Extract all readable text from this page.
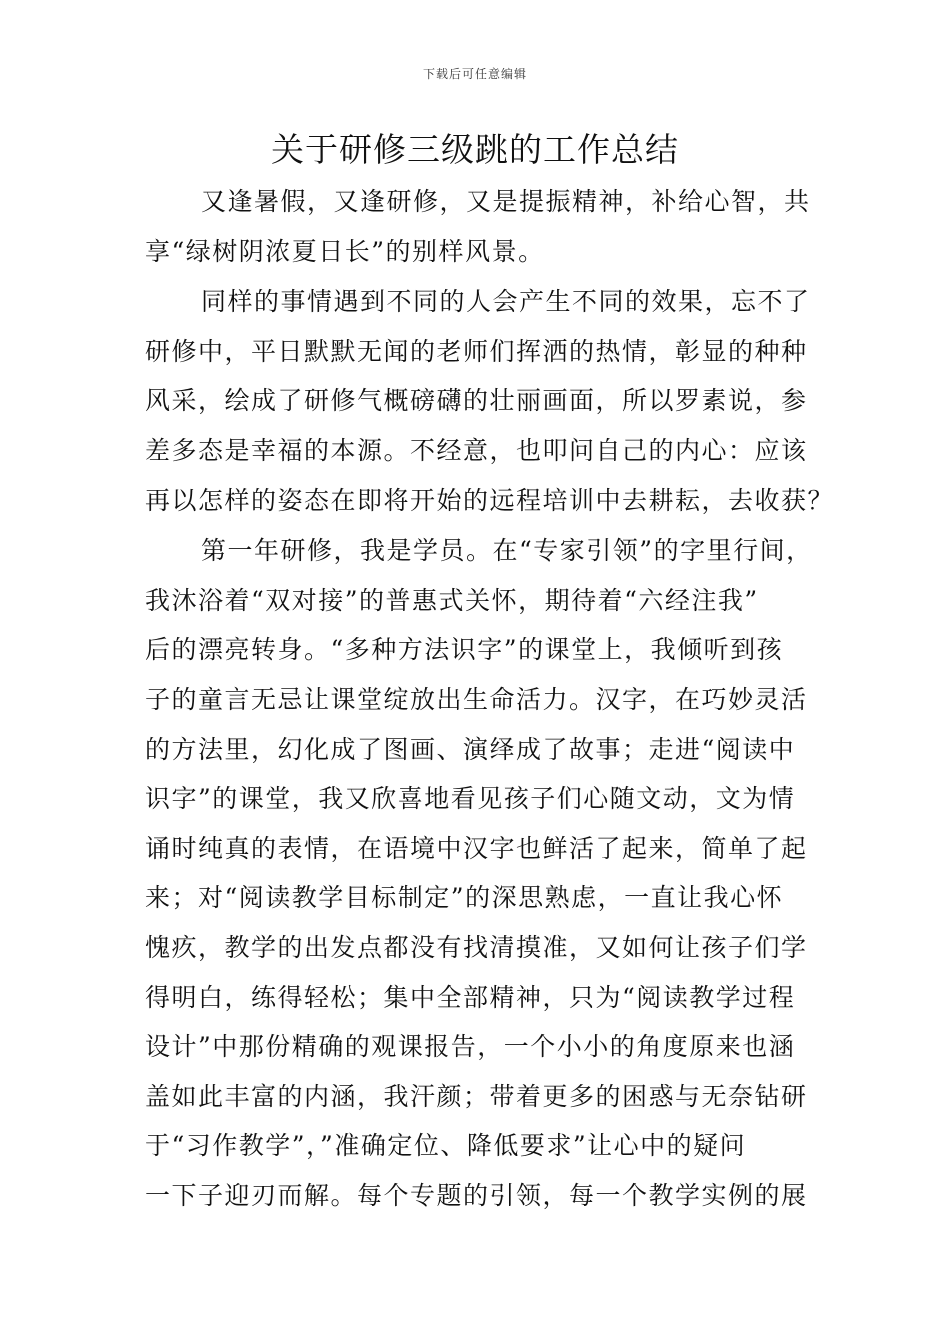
下载后可任意编辑
关于研修三级跳的工作总结
又逢暑假，又逢研修，又是提振精神，补给心智，共
享“绿树阴浓夏日长”的别样风景。
同样的事情遇到不同的人会产生不同的效果，忘不了
研修中，平日默默无闻的老师们挥洒的热情，彰显的种种
风采，绘成了研修气概磅礴的壮丽画面，所以罗素说，参
差多态是幸福的本源。不经意，也叩问自己的内心：应该
再以怎样的姿态在即将开始的远程培训中去耕耘，去收获？
第一年研修，我是学员。在“专家引领”的字里行间，
我沐浴着“双对接”的普惠式关怀，期待着“六经注我”
后的漂亮转身。“多种方法识字”的课堂上，我倾听到孩
子的童言无忌让课堂绽放出生命活力。汉字，在巧妙灵活
的方法里，幻化成了图画、演绎成了故事；走进“阅读中
识字”的课堂，我又欣喜地看见孩子们心随文动，文为情
诵时纯真的表情，在语境中汉字也鲜活了起来，简单了起
来；对“阅读教学目标制定”的深思熟虑，一直让我心怀
愧疚，教学的出发点都没有找清摸准，又如何让孩子们学
得明白，练得轻松；集中全部精神，只为“阅读教学过程
设计”中那份精确的观课报告，一个小小的角度原来也涵
盖如此丰富的内涵，我汗颜；带着更多的困惑与无奈钻研
于“习作教学”，”准确定位、降低要求”让心中的疑问
一下子迎刃而解。每个专题的引领，每一个教学实例的展
